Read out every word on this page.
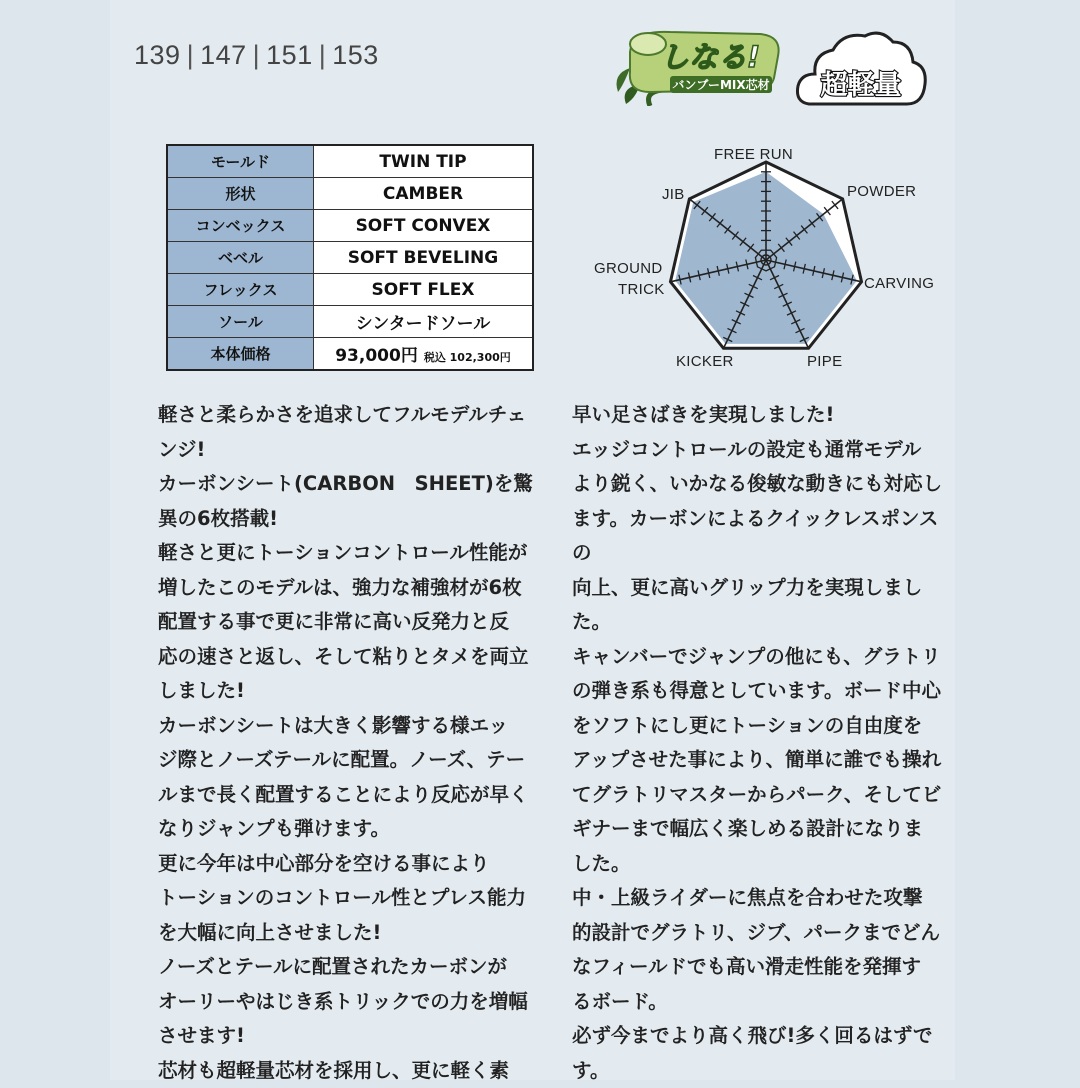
139 | 147 | 151 | 153	しなる!
バンブーMIX芯材 超軽量
モールド	TWIN TIP
形状	CAMBER
コンベックス	SOFT CONVEX
ベベル	SOFT BEVELING
フレックス	SOFT FLEX
ソール	シンタードソール
本体価格	93,000円 税込 102,300円
FREE RUN
POWDER
CARVING
PIPE
KICKER
GROUND
TRICK
JIB

軽さと柔らかさを追求してフルモデルチェ

ンジ!

カーボンシート(CARBON　SHEET)を驚

異の6枚搭載!

軽さと更にトーションコントロール性能が

増したこのモデルは、強力な補強材が6枚

配置する事で更に非常に高い反発力と反

応の速さと返し、そして粘りとタメを両立

しました!

カーボンシートは大きく影響する様エッ

ジ際とノーズテールに配置。ノーズ、テー

ルまで長く配置することにより反応が早く

なりジャンプも弾けます。

更に今年は中心部分を空ける事により

トーションのコントロール性とプレス能力

を大幅に向上させました!

ノーズとテールに配置されたカーボンが

オーリーやはじき系トリックでの力を増幅

させます!

芯材も超軽量芯材を採用し、更に軽く素

早い足さばきを実現しました!

エッジコントロールの設定も通常モデル

より鋭く、いかなる俊敏な動きにも対応し

ます。カーボンによるクイックレスポンスの

向上、更に高いグリップ力を実現しまし

た。

キャンバーでジャンプの他にも、グラトリ

の弾き系も得意としています。ボード中心

をソフトにし更にトーションの自由度を

アップさせた事により、簡単に誰でも操れ

てグラトリマスターからパーク、そしてビ

ギナーまで幅広く楽しめる設計になりま

した。

中・上級ライダーに焦点を合わせた攻撃

的設計でグラトリ、ジブ、パークまでどん

なフィールドでも高い滑走性能を発揮す

るボード。

必ず今までより高く飛び!多く回るはずで

す。
